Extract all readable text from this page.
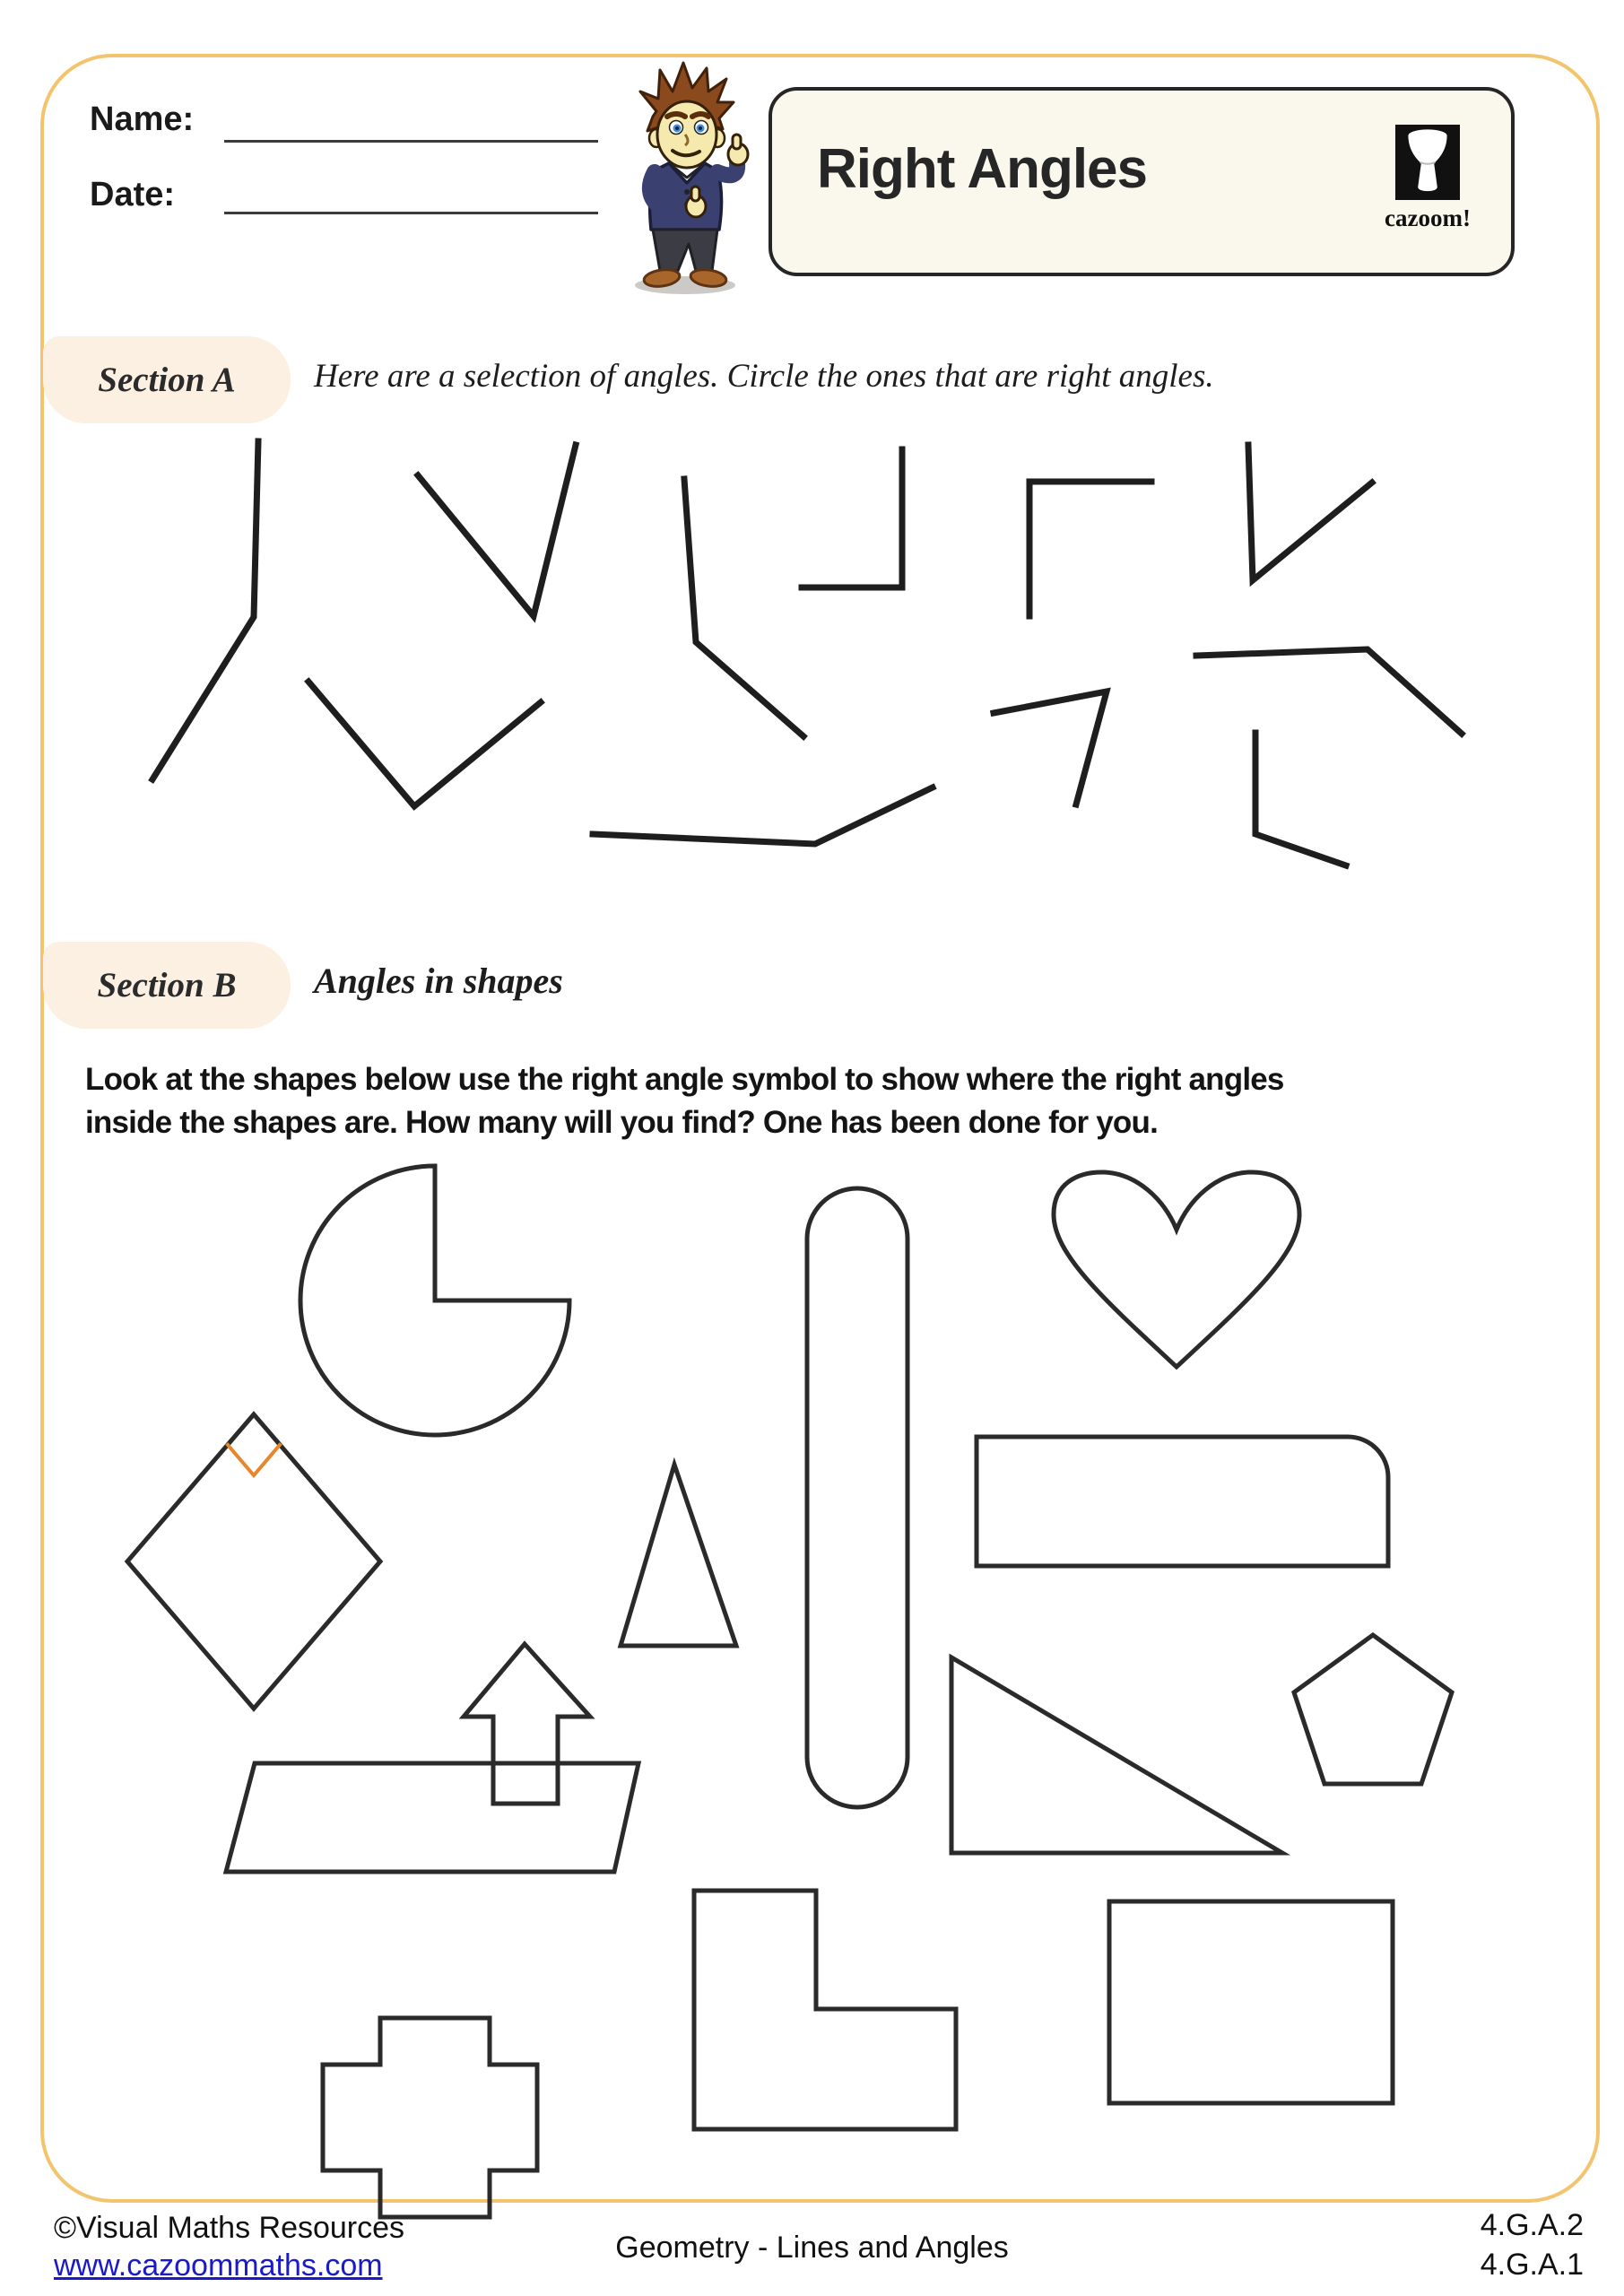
Name:
Date:	Right Angles
cazoom!
Section A	Here are a selection of angles. Circle the ones that are right angles.
Section B	Angles in shapes
Look at the shapes below use the right angle symbol to show where the right angles
inside the shapes are. How many will you find? One has been done for you.
©Visual Maths Resources
www.cazoommaths.com
Geometry - Lines and Angles
4.G.A.2
4.G.A.1
